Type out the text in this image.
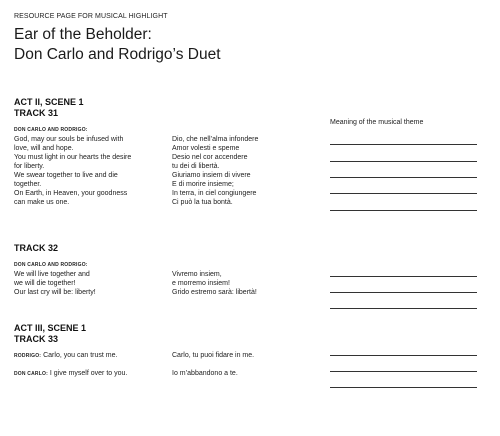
RESOURCE PAGE FOR MUSICAL HIGHLIGHT
Ear of the Beholder:
Don Carlo and Rodrigo’s Duet
ACT II, SCENE 1
TRACK 31
DON CARLO AND RODRIGO:
God, may our souls be infused with
love, will and hope.
You must light in our hearts the desire
for liberty.
We swear together to live and die
together.
On Earth, in Heaven, your goodness
can make us one.
Dio, che nell’alma infondere
Amor volesti e speme
Desio nel cor accendere
tu dei di libertà.
Giuriamo insiem di vivere
E di morire insieme;
In terra, in ciel congiungere
Ci può la tua bontà.
TRACK 32
DON CARLO AND RODRIGO:
We will live together and
we will die together!
Our last cry will be: liberty!
Vivremo insiem,
e morremo insiem!
Grido estremo sarà: libertà!
ACT III, SCENE 1
TRACK 33
RODRIGO: Carlo, you can trust me.	Carlo, tu puoi fidare in me.
DON CARLO: I give myself over to you.	Io m’abbandono a te.
Meaning of the musical theme
